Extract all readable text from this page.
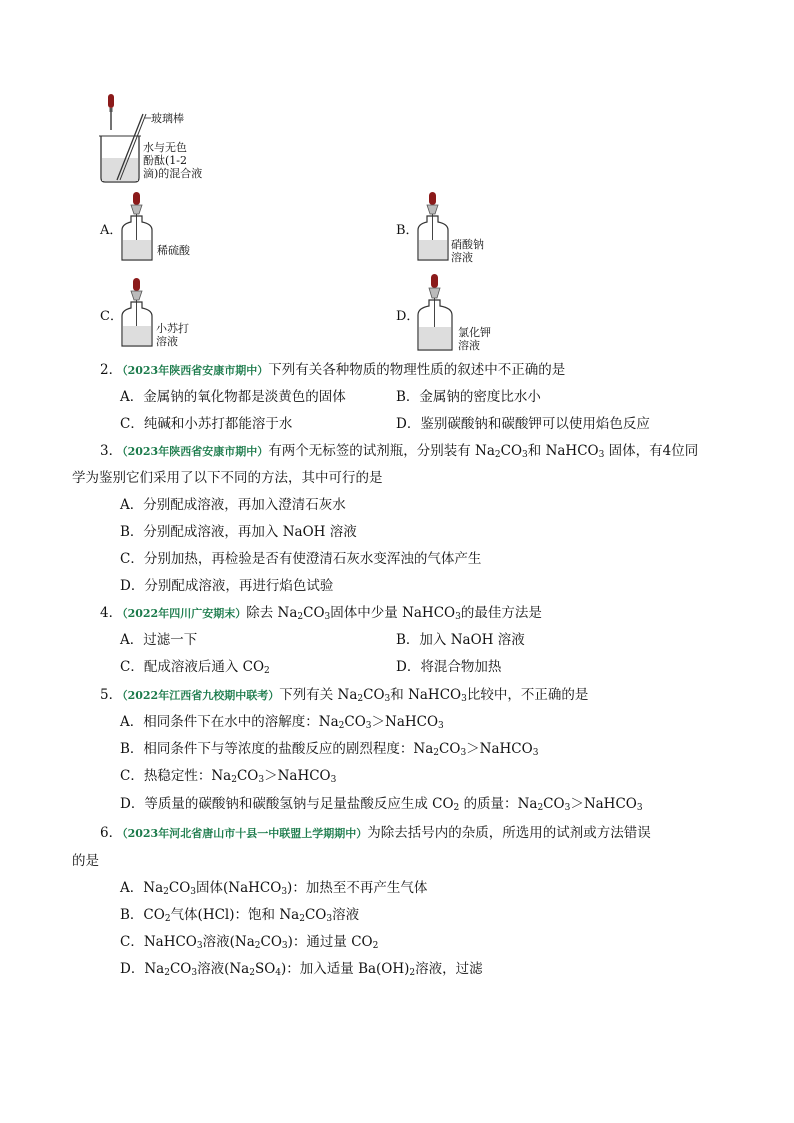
玻璃棒
水与无色
酚酞(1-2
滴)的混合液
A．
稀硫酸
B．
硝酸钠
溶液
C．
小苏打
溶液
D．
氯化钾
溶液
2．（2023年陕西省安康市期中）下列有关各种物质的物理性质的叙述中不正确的是
A．金属钠的氧化物都是淡黄色的固体	B．金属钠的密度比水小
C．纯碱和小苏打都能溶于水	D．鉴别碳酸钠和碳酸钾可以使用焰色反应
3．（2023年陕西省安康市期中）有两个无标签的试剂瓶，分别装有 $Na_2CO_3$和 NaHCO$_3$ 固体，有4位同
学为鉴别它们采用了以下不同的方法，其中可行的是
A．分别配成溶液，再加入澄清石灰水
B．分别配成溶液，再加入 NaOH 溶液
C．分别加热，再检验是否有使澄清石灰水变浑浊的气体产生
D．分别配成溶液，再进行焰色试验
4．（2022年四川广安期末）除去 $Na_2CO_3$固体中少量 NaHCO$_3$的最佳方法是
A．过滤一下	B．加入 NaOH 溶液
C．配成溶液后通入 $CO_2$	D．将混合物加热
5．（2022年江西省九校期中联考）下列有关 $Na_2CO_3$和 NaHCO$_3$比较中，不正确的是
A．相同条件下在水中的溶解度：$Na_2CO_3>NaHCO_3$
B．相同条件下与等浓度的盐酸反应的剧烈程度：$Na_2CO_3>NaHCO_3$
C．热稳定性：$Na_2CO_3>NaHCO_3$
D．等质量的碳酸钠和碳酸氢钠与足量盐酸反应生成 $CO_2$ 的质量：$Na_2CO_3>NaHCO_3$
6．（2023年河北省唐山市十县一中联盟上学期期中）为除去括号内的杂质，所选用的试剂或方法错误
的是
A．$Na_2CO_3$固体(NaHCO$_3$)：加热至不再产生气体
B．$CO_2$气体(HCl)：饱和 $Na_2CO_3$溶液
C．NaHCO$_3$溶液$(Na_2CO_3)$：通过量 $CO_2$
D．$Na_2CO_3$溶液$(Na_2SO_4)$：加入适量 $Ba(OH)_2$溶液，过滤
